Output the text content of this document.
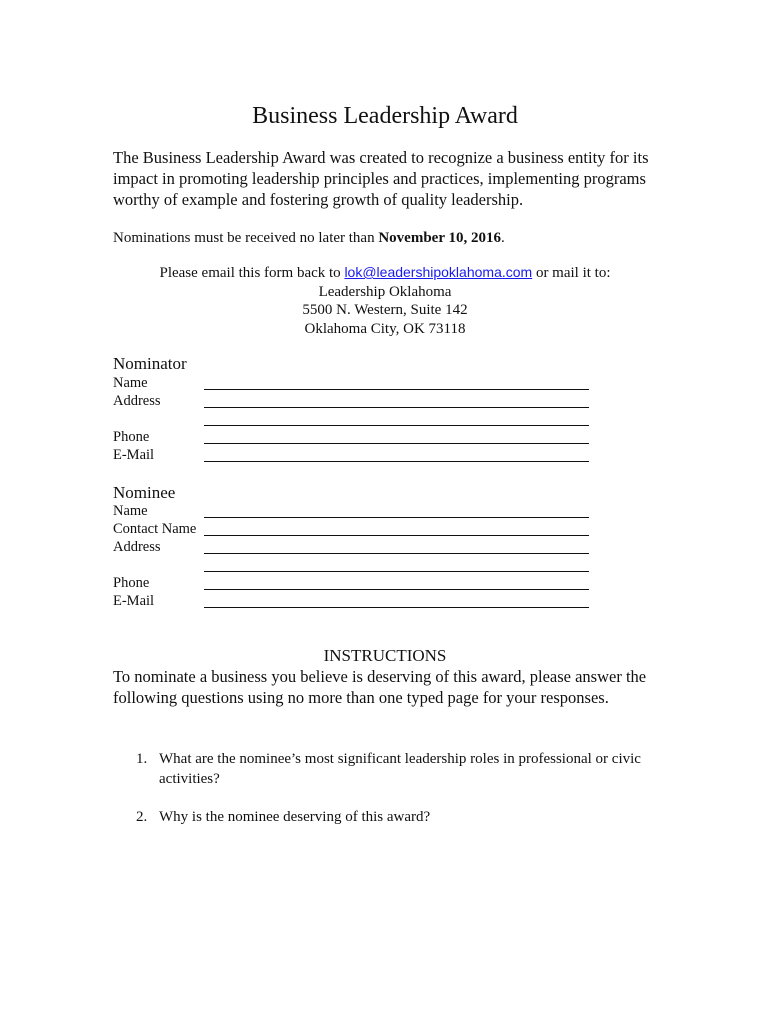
Business Leadership Award
The Business Leadership Award was created to recognize a business entity for its impact in promoting leadership principles and practices, implementing programs worthy of example and fostering growth of quality leadership.
Nominations must be received no later than November 10, 2016.
Please email this form back to lok@leadershipoklahoma.com or mail it to:
Leadership Oklahoma
5500 N. Western, Suite 142
Oklahoma City, OK 73118
Nominator
Name
Address
Phone
E-Mail
Nominee
Name
Contact Name
Address
Phone
E-Mail
INSTRUCTIONS
To nominate a business you believe is deserving of this award, please answer the following questions using no more than one typed page for your responses.
1. What are the nominee’s most significant leadership roles in professional or civic activities?
2. Why is the nominee deserving of this award?
